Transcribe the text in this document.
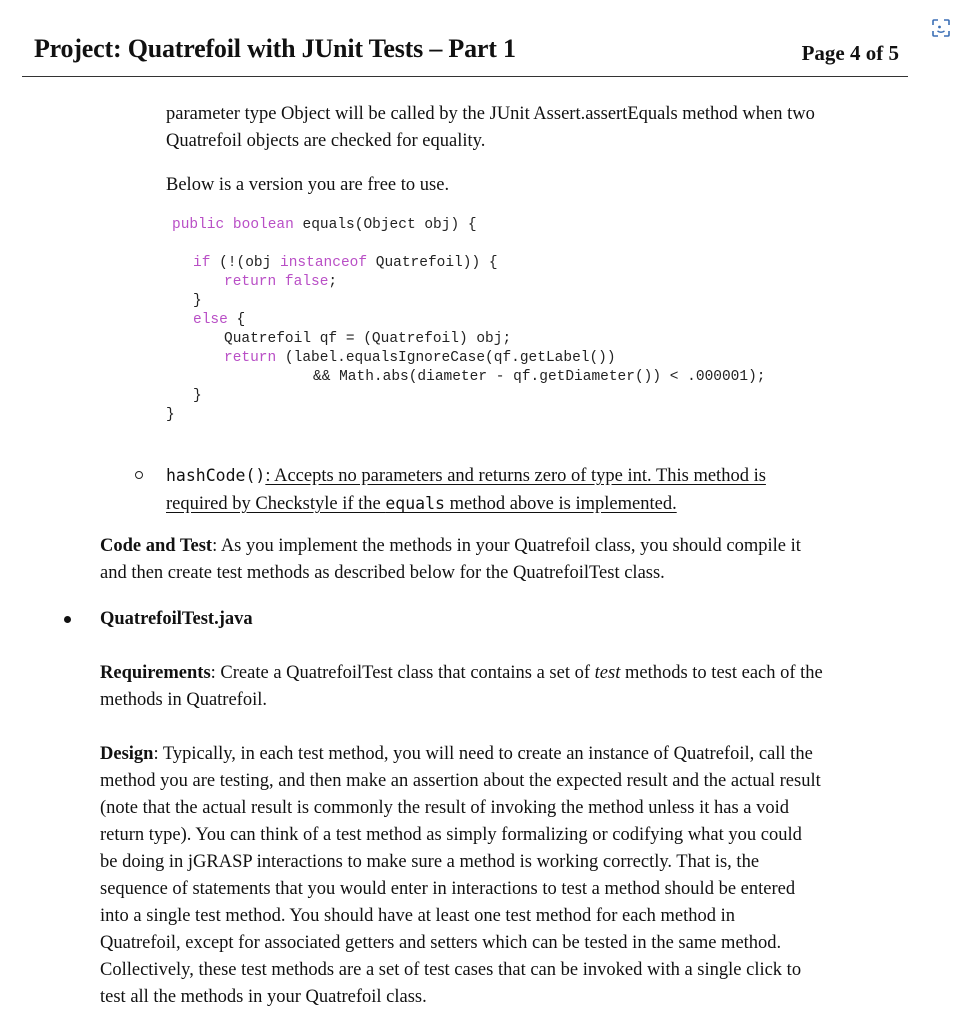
Project: Quatrefoil with JUnit Tests – Part 1	Page 4 of 5

parameter type Object will be called by the JUnit Assert.assertEquals method when two
Quatrefoil objects are checked for equality.

Below is a version you are free to use.

public boolean equals(Object obj) {
if (!(obj instanceof Quatrefoil)) {
return false;
}
else {
Quatrefoil qf = (Quatrefoil) obj;
return (label.equalsIgnoreCase(qf.getLabel())
&& Math.abs(diameter - qf.getDiameter()) < .000001);
}
}

hashCode(): Accepts no parameters and returns zero of type int. This method is
required by Checkstyle if the equals method above is implemented.

Code and Test: As you implement the methods in your Quatrefoil class, you should compile it
and then create test methods as described below for the QuatrefoilTest class.

QuatrefoilTest.java

Requirements: Create a QuatrefoilTest class that contains a set of test methods to test each of the
methods in Quatrefoil.

Design: Typically, in each test method, you will need to create an instance of Quatrefoil, call the
method you are testing, and then make an assertion about the expected result and the actual result
(note that the actual result is commonly the result of invoking the method unless it has a void
return type). You can think of a test method as simply formalizing or codifying what you could
be doing in jGRASP interactions to make sure a method is working correctly. That is, the
sequence of statements that you would enter in interactions to test a method should be entered
into a single test method. You should have at least one test method for each method in
Quatrefoil, except for associated getters and setters which can be tested in the same method.
Collectively, these test methods are a set of test cases that can be invoked with a single click to
test all the methods in your Quatrefoil class.
